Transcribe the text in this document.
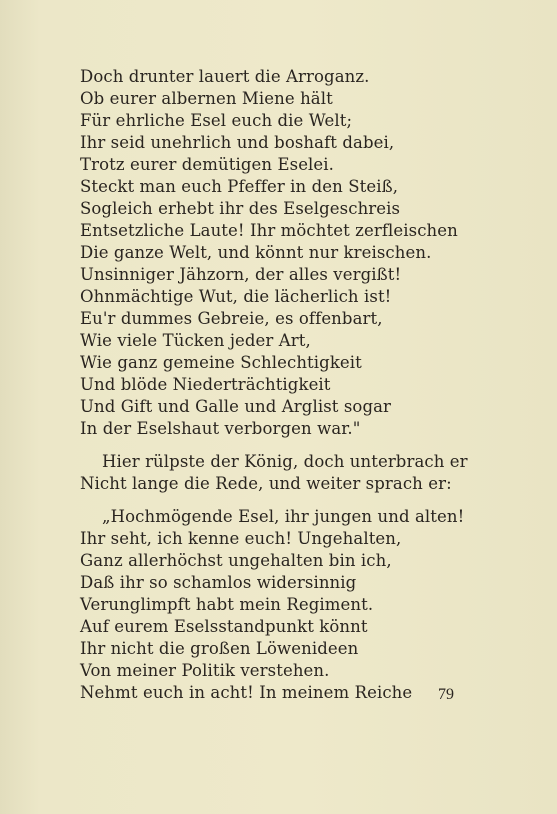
Doch drunter lauert die Arroganz.
Ob eurer albernen Miene hält
Für ehrliche Esel euch die Welt;
Ihr seid unehrlich und boshaft dabei,
Trotz eurer demütigen Eselei.
Steckt man euch Pfeffer in den Steiß,
Sogleich erhebt ihr des Eselgeschreis
Entsetzliche Laute! Ihr möchtet zerfleischen
Die ganze Welt, und könnt nur kreischen.
Unsinniger Jähzorn, der alles vergißt!
Ohnmächtige Wut, die lächerlich ist!
Eu'r dummes Gebreie, es offenbart,
Wie viele Tücken jeder Art,
Wie ganz gemeine Schlechtigkeit
Und blöde Niederträchtigkeit
Und Gift und Galle und Arglist sogar
In der Eselshaut verborgen war."
Hier rülpste der König, doch unterbrach er
Nicht lange die Rede, und weiter sprach er:
„Hochmögende Esel, ihr jungen und alten!
Ihr seht, ich kenne euch! Ungehalten,
Ganz allerhöchst ungehalten bin ich,
Daß ihr so schamlos widersinnig
Verunglimpft habt mein Regiment.
Auf eurem Eselsstandpunkt könnt
Ihr nicht die großen Löwenideen
Von meiner Politik verstehen.
Nehmt euch in acht! In meinem Reiche	79
